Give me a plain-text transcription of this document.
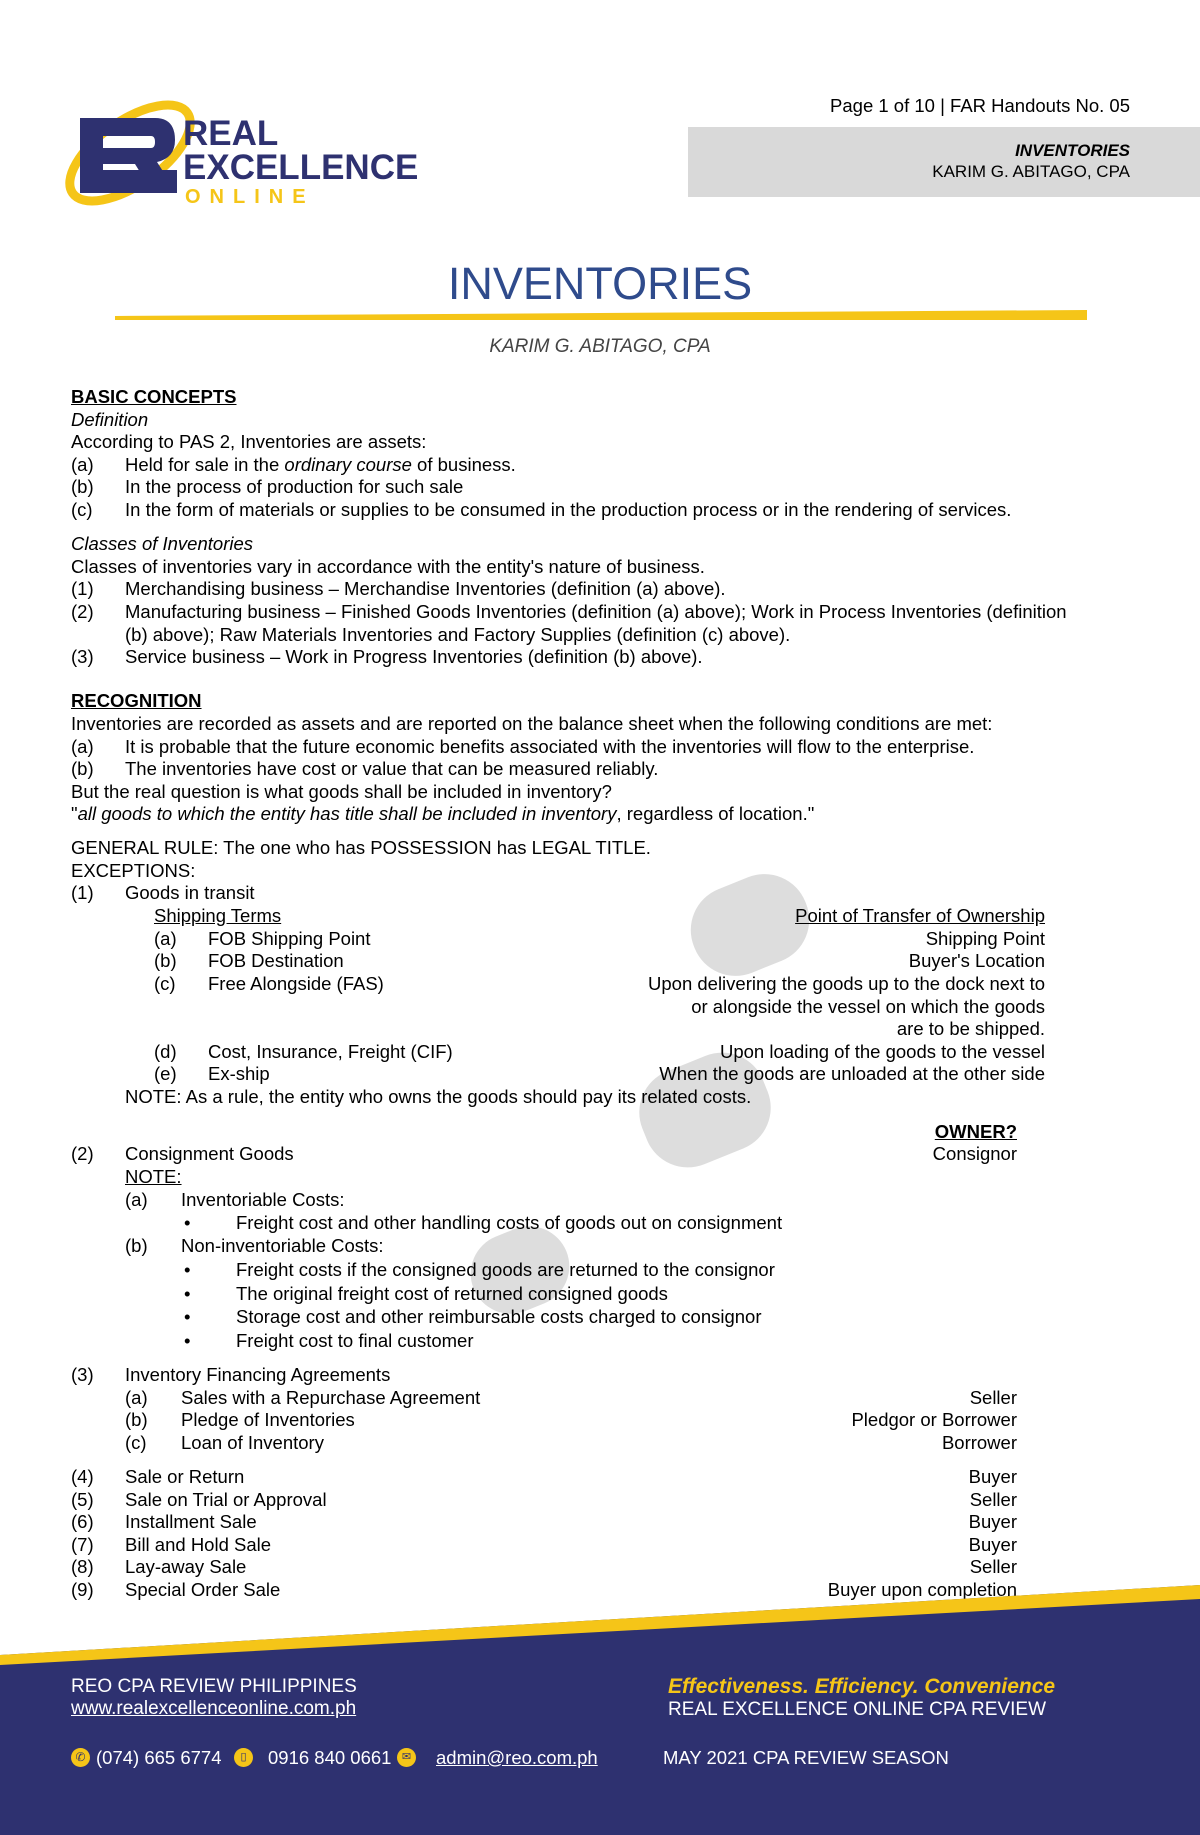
REAL
EXCELLENCE
ONLINE
Page 1 of 10 | FAR Handouts No. 05
INVENTORIES
KARIM G. ABITAGO, CPA
INVENTORIES
KARIM G. ABITAGO, CPA
BASIC CONCEPTS
Definition
According to PAS 2, Inventories are assets:
(a) Held for sale in the ordinary course of business.
(b) In the process of production for such sale
(c) In the form of materials or supplies to be consumed in the production process or in the rendering of services.
Classes of Inventories
Classes of inventories vary in accordance with the entity's nature of business.
(1) Merchandising business – Merchandise Inventories (definition (a) above).
(2) Manufacturing business – Finished Goods Inventories (definition (a) above); Work in Process Inventories (definition
(b) above); Raw Materials Inventories and Factory Supplies (definition (c) above).
(3) Service business – Work in Progress Inventories (definition (b) above).
RECOGNITION
Inventories are recorded as assets and are reported on the balance sheet when the following conditions are met:
(a) It is probable that the future economic benefits associated with the inventories will flow to the enterprise.
(b) The inventories have cost or value that can be measured reliably.
But the real question is what goods shall be included in inventory?
"all goods to which the entity has title shall be included in inventory, regardless of location."
GENERAL RULE: The one who has POSSESSION has LEGAL TITLE.
EXCEPTIONS:
(1) Goods in transit
Shipping Terms	Point of Transfer of Ownership
(a) FOB Shipping Point	Shipping Point
(b) FOB Destination	Buyer's Location
(c) Free Alongside (FAS)	Upon delivering the goods up to the dock next to
or alongside the vessel on which the goods
are to be shipped.
(d) Cost, Insurance, Freight (CIF)	Upon loading of the goods to the vessel
(e) Ex-ship	When the goods are unloaded at the other side
NOTE: As a rule, the entity who owns the goods should pay its related costs.
OWNER?
(2) Consignment Goods	Consignor
NOTE:
(a) Inventoriable Costs:
• Freight cost and other handling costs of goods out on consignment
(b) Non-inventoriable Costs:
• Freight costs if the consigned goods are returned to the consignor
• The original freight cost of returned consigned goods
• Storage cost and other reimbursable costs charged to consignor
• Freight cost to final customer
(3) Inventory Financing Agreements
(a) Sales with a Repurchase Agreement	Seller
(b) Pledge of Inventories	Pledgor or Borrower
(c) Loan of Inventory	Borrower
(4) Sale or Return	Buyer
(5) Sale on Trial or Approval	Seller
(6) Installment Sale	Buyer
(7) Bill and Hold Sale	Buyer
(8) Lay-away Sale	Seller
(9) Special Order Sale	Buyer upon completion
REO CPA REVIEW PHILIPPINES
www.realexcellenceonline.com.ph
✆ (074) 665 6774	▯	0916 840 0661 ✉ admin@reo.com.ph
Effectiveness. Efficiency. Convenience
REAL EXCELLENCE ONLINE CPA REVIEW
MAY 2021 CPA REVIEW SEASON
